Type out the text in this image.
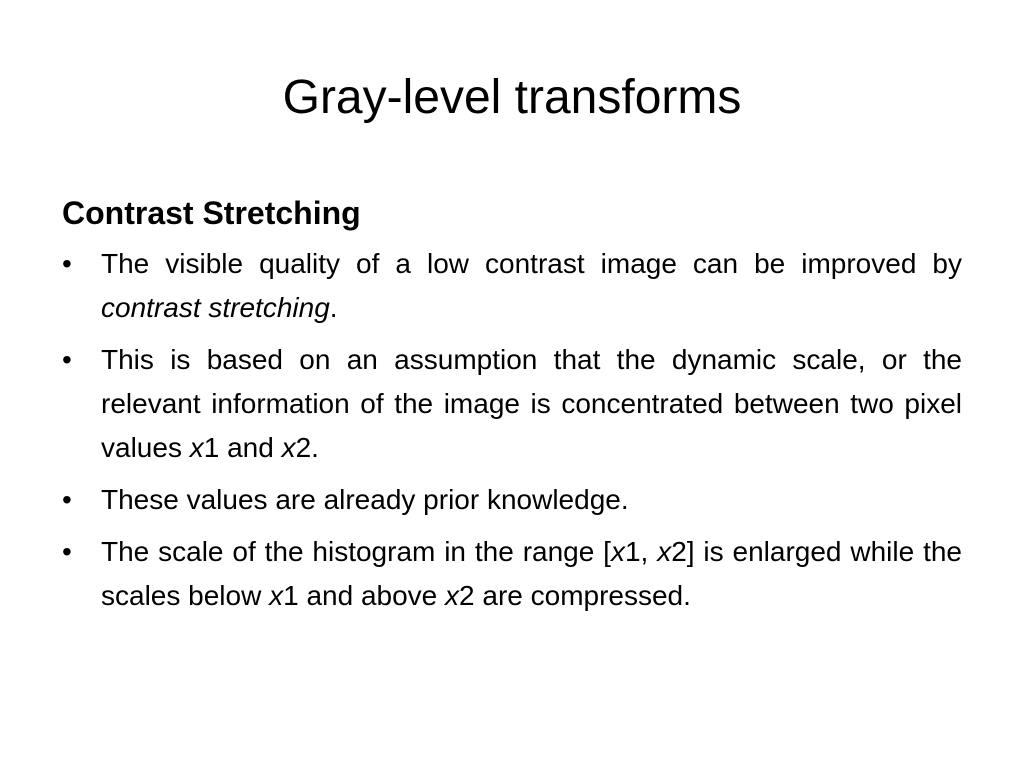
Gray-level transforms
Contrast Stretching
•	The visible quality of a low contrast image can be improved by contrast stretching.
•	This is based on an assumption that the dynamic scale, or the relevant information of the image is concentrated between two pixel values x1 and x2.
•	These values are already prior knowledge.
•	The scale of the histogram in the range [x1, x2] is enlarged while the scales below x1 and above x2 are compressed.
